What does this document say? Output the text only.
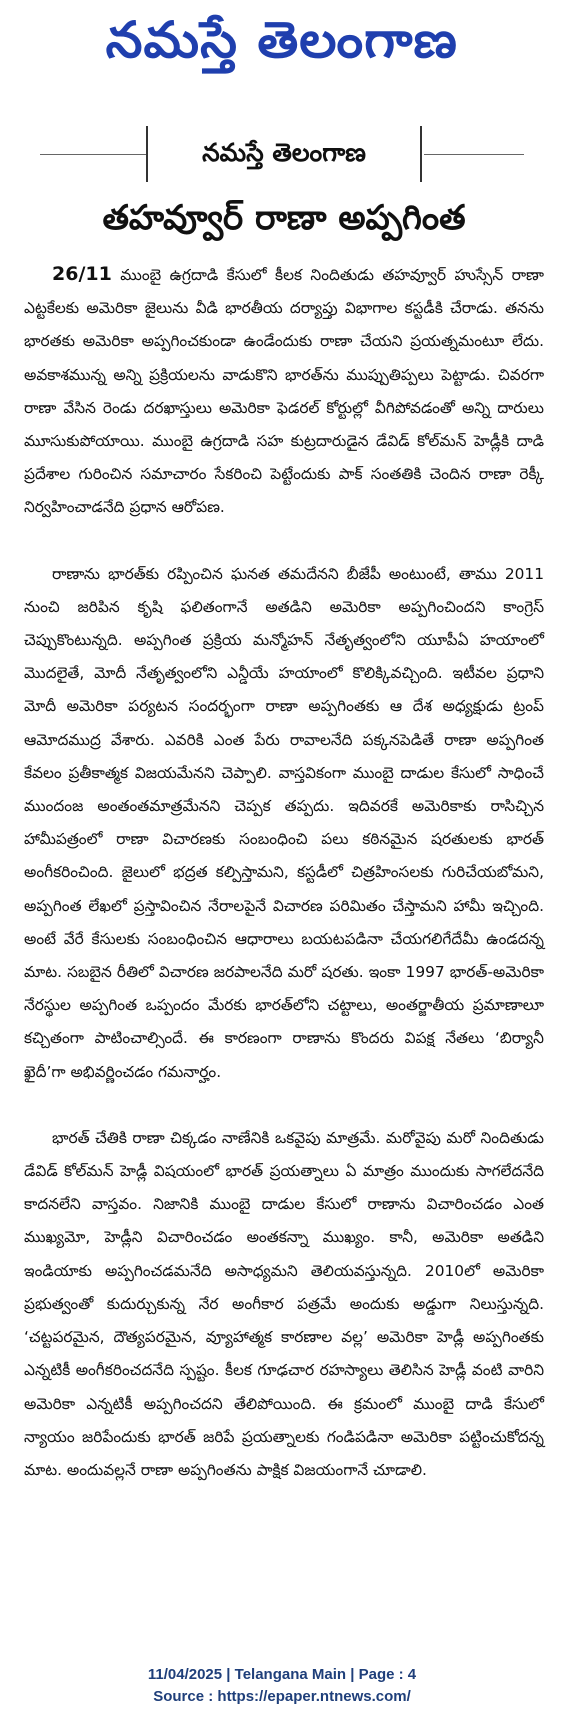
నమస్తే తెలంగాణ
నమస్తే తెలంగాణ
తహవ్వూర్ రాణా అప్పగింత

26/11 ముంబై ఉగ్రదాడి కేసులో కీలక నిందితుడు తహవ్వూర్ హుస్సేన్ రాణా ఎట్టకేలకు అమెరికా జైలును వీడి భారతీయ దర్యాప్తు విభాగాల కస్టడీకి చేరాడు. తనను భారతకు అమెరికా అప్పగించకుండా ఉండేందుకు రాణా చేయని ప్రయత్నమంటూ లేదు. అవకాశమున్న అన్ని ప్రక్రియలను వాడుకొని భారత్‌ను ముప్పుతిప్పలు పెట్టాడు. చివరగా రాణా వేసిన రెండు దరఖాస్తులు అమెరికా ఫెడరల్ కోర్టుల్లో వీగిపోవడంతో అన్ని దారులు మూసుకుపోయాయి. ముంబై ఉగ్రదాడి సహ కుట్రదారుడైన డేవిడ్ కోల్‌మన్ హెడ్లీకి దాడి ప్రదేశాల గురించిన సమాచారం సేకరించి పెట్టేందుకు పాక్ సంతతికి చెందిన రాణా రెక్కీ నిర్వహించాడనేది ప్రధాన ఆరోపణ.

రాణాను భారత్‌కు రప్పించిన ఘనత తమదేనని బీజేపీ అంటుంటే, తాము 2011 నుంచి జరిపిన కృషి ఫలితంగానే అతడిని అమెరికా అప్పగించిందని కాంగ్రెస్ చెప్పుకొంటున్నది. అప్పగింత ప్రక్రియ మన్మోహన్ నేతృత్వంలోని యూపీఏ హయాంలో మొదలైతే, మోదీ నేతృత్వంలోని ఎన్డీయే హయాంలో కొలిక్కివచ్చింది. ఇటీవల ప్రధాని మోదీ అమెరికా పర్యటన సందర్భంగా రాణా అప్పగింతకు ఆ దేశ అధ్యక్షుడు ట్రంప్ ఆమోదముద్ర వేశారు. ఎవరికి ఎంత పేరు రావాలనేది పక్కనపెడితే రాణా అప్పగింత కేవలం ప్రతీకాత్మక విజయమేనని చెప్పాలి. వాస్తవికంగా ముంబై దాడుల కేసులో సాధించే ముందంజ అంతంతమాత్రమేనని చెప్పక తప్పదు. ఇదివరకే అమెరికాకు రాసిచ్చిన హామీపత్రంలో రాణా విచారణకు సంబంధించి పలు కఠినమైన షరతులకు భారత్ అంగీకరించింది. జైలులో భద్రత కల్పిస్తామని, కస్టడీలో చిత్రహింసలకు గురిచేయబోమని, అప్పగింత లేఖలో ప్రస్తావించిన నేరాలపైనే విచారణ పరిమితం చేస్తామని హామీ ఇచ్చింది. అంటే వేరే కేసులకు సంబంధించిన ఆధారాలు బయటపడినా చేయగలిగేదేమీ ఉండదన్న మాట. సబబైన రీతిలో విచారణ జరపాలనేది మరో షరతు. ఇంకా 1997 భారత్-అమెరికా నేరస్థుల అప్పగింత ఒప్పందం మేరకు భారత్‌లోని చట్టాలు, అంతర్జాతీయ ప్రమాణాలూ కచ్చితంగా పాటించాల్సిందే. ఈ కారణంగా రాణాను కొందరు విపక్ష నేతలు ‘బిర్యానీ ఖైదీ’గా అభివర్ణించడం గమనార్హం.

భారత్ చేతికి రాణా చిక్కడం నాణేనికి ఒకవైపు మాత్రమే. మరోవైపు మరో నిందితుడు డేవిడ్ కోల్‌మన్ హెడ్లీ విషయంలో భారత్ ప్రయత్నాలు ఏ మాత్రం ముందుకు సాగలేదనేది కాదనలేని వాస్తవం. నిజానికి ముంబై దాడుల కేసులో రాణాను విచారించడం ఎంత ముఖ్యమో, హెడ్లీని విచారించడం అంతకన్నా ముఖ్యం. కానీ, అమెరికా అతడిని ఇండియాకు అప్పగించడమనేది అసాధ్యమని తెలియవస్తున్నది. 2010లో అమెరికా ప్రభుత్వంతో కుదుర్చుకున్న నేర అంగీకార పత్రమే అందుకు అడ్డుగా నిలుస్తున్నది. ‘చట్టపరమైన, దౌత్యపరమైన, వ్యూహాత్మక కారణాల వల్ల’ అమెరికా హెడ్లీ అప్పగింతకు ఎన్నటికీ అంగీకరించదనేది స్పష్టం. కీలక గూఢచార రహస్యాలు తెలిసిన హెడ్లీ వంటి వారిని అమెరికా ఎన్నటికీ అప్పగించదని తేలిపోయింది. ఈ క్రమంలో ముంబై దాడి కేసులో న్యాయం జరిపేందుకు భారత్ జరిపే ప్రయత్నాలకు గండిపడినా అమెరికా పట్టించుకోదన్న మాట. అందువల్లనే రాణా అప్పగింతను పాక్షిక విజయంగానే చూడాలి.

11/04/2025 | Telangana Main | Page : 4
Source : https://epaper.ntnews.com/
